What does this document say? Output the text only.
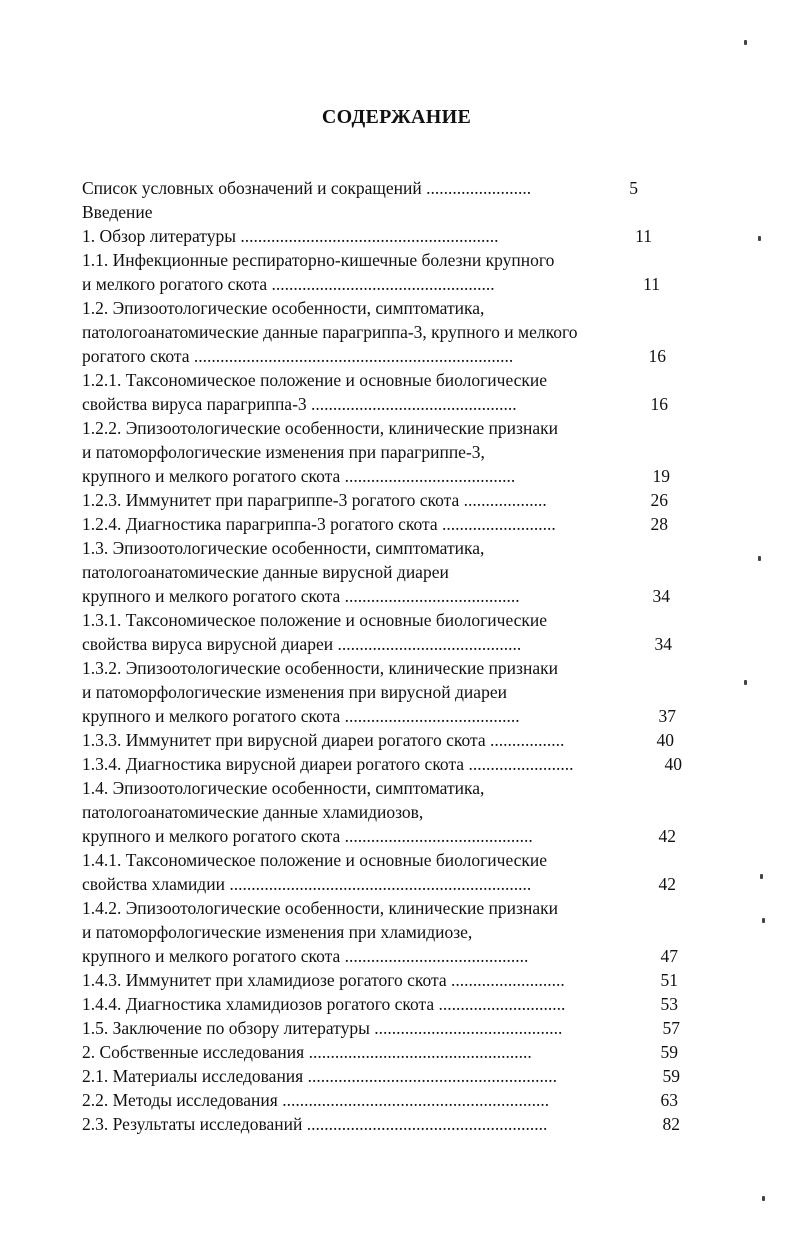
СОДЕРЖАНИЕ
Список условных обозначений и сокращений ........................	5
Введение
1. Обзор литературы ...........................................................	11
1.1. Инфекционные респираторно-кишечные болезни крупного
и мелкого рогатого скота ...................................................	11
1.2. Эпизоотологические особенности, симптоматика,
патологоанатомические данные парагриппа-3, крупного и мелкого
рогатого скота .........................................................................	16
1.2.1. Таксономическое положение и основные биологические
свойства вируса парагриппа-3 ...............................................	16
1.2.2. Эпизоотологические особенности, клинические признаки
и патоморфологические изменения при парагриппе-3,
крупного и мелкого рогатого скота .......................................	19
1.2.3. Иммунитет при парагриппе-3 рогатого скота ...................	26
1.2.4. Диагностика парагриппа-3 рогатого скота ..........................	28
1.3. Эпизоотологические особенности, симптоматика,
патологоанатомические данные вирусной диареи
крупного и мелкого рогатого скота ........................................	34
1.3.1. Таксономическое положение и основные биологические
свойства вируса вирусной диареи ..........................................	34
1.3.2. Эпизоотологические особенности, клинические признаки
и патоморфологические изменения при вирусной диареи
крупного и мелкого рогатого скота ........................................	37
1.3.3. Иммунитет при вирусной диареи рогатого скота .................	40
1.3.4. Диагностика вирусной диареи рогатого скота ........................	40
1.4. Эпизоотологические особенности, симптоматика,
патологоанатомические данные хламидиозов,
крупного и мелкого рогатого скота ...........................................	42
1.4.1. Таксономическое положение и основные биологические
свойства хламидии .....................................................................	42
1.4.2. Эпизоотологические особенности, клинические признаки
и патоморфологические изменения при хламидиозе,
крупного и мелкого рогатого скота ..........................................	47
1.4.3. Иммунитет при хламидиозе рогатого скота ..........................	51
1.4.4. Диагностика хламидиозов рогатого скота .............................	53
1.5. Заключение по обзору литературы ...........................................	57
2. Собственные исследования ...................................................	59
2.1. Материалы исследования .........................................................	59
2.2. Методы исследования .............................................................	63
2.3. Результаты исследований .......................................................	82
